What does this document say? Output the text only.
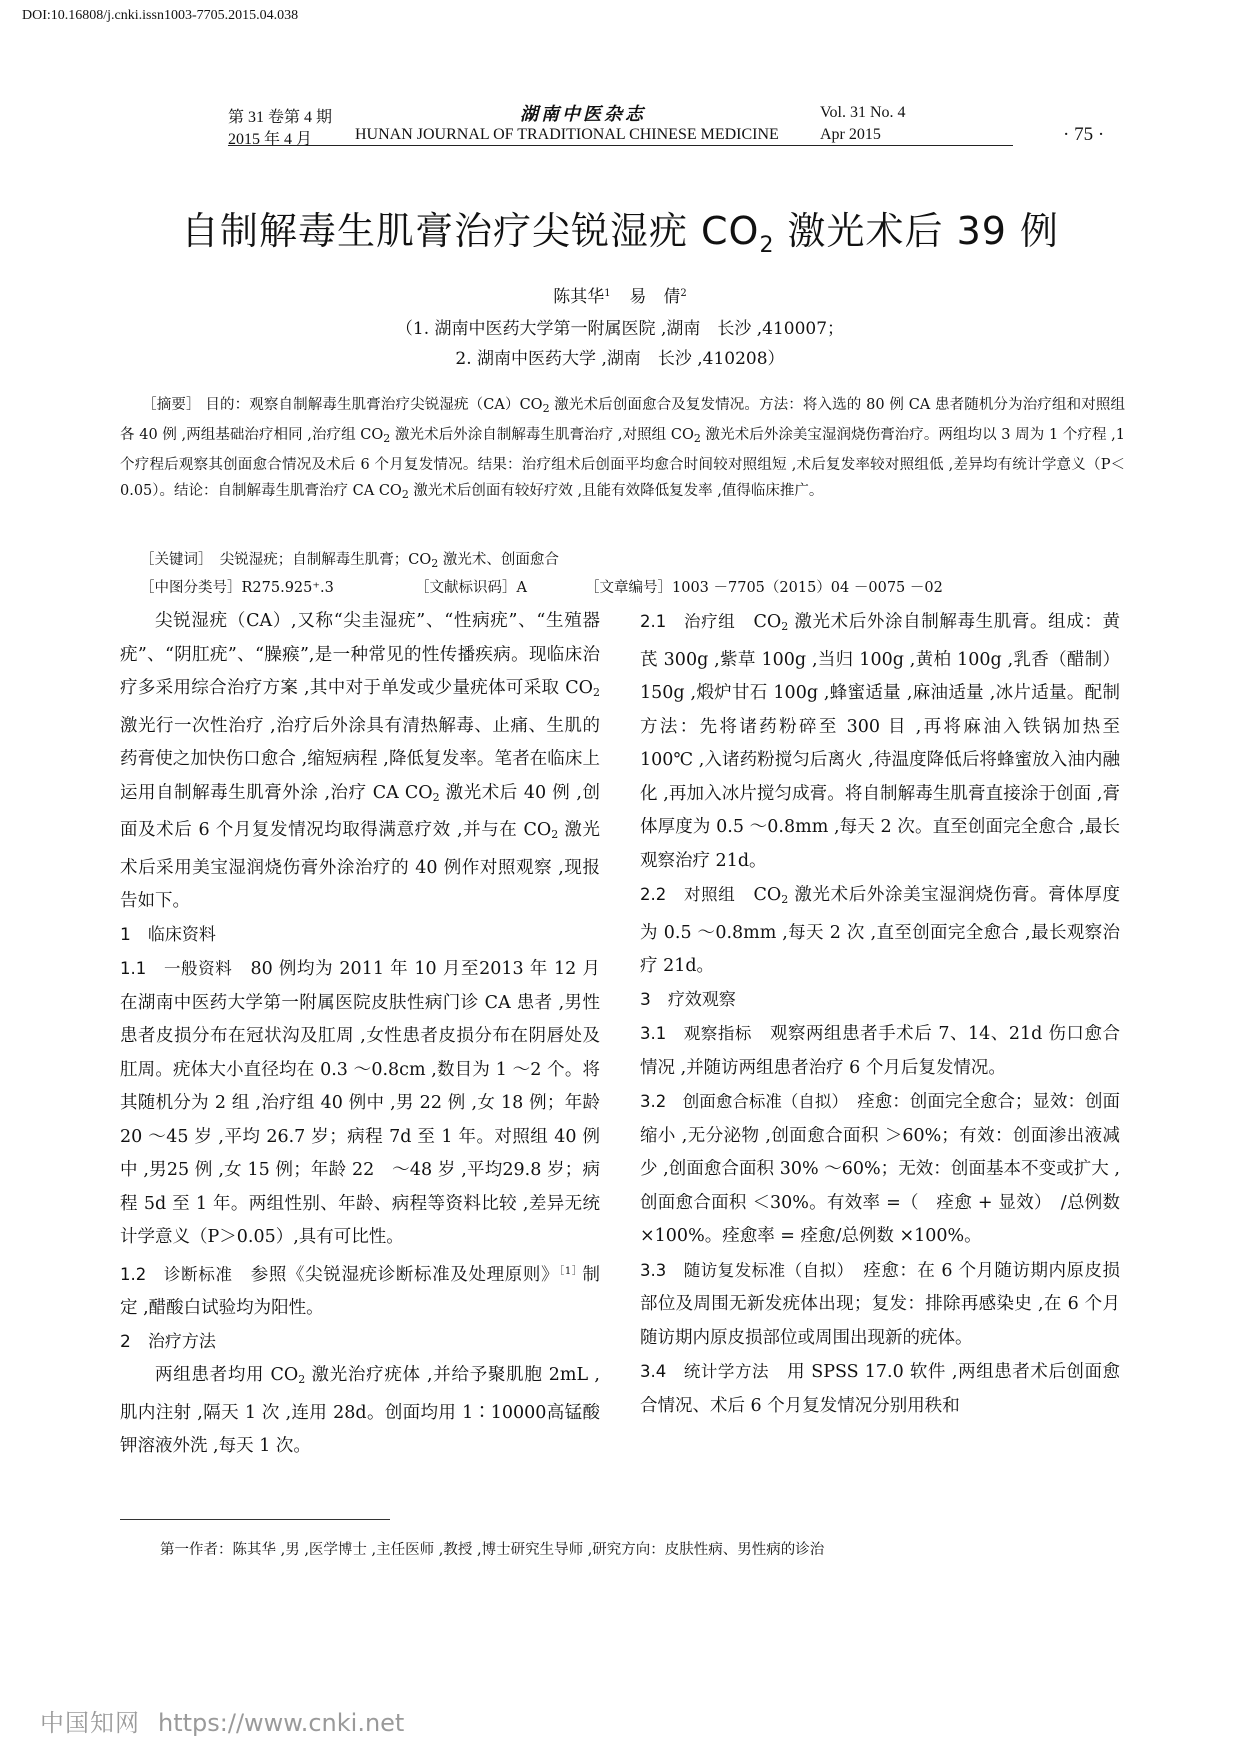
DOI:10.16808/j.cnki.issn1003-7705.2015.04.038
第 31 卷第 4 期	湖南中医杂志	Vol. 31 No. 4
2015 年 4 月	HUNAN JOURNAL OF TRADITIONAL CHINESE MEDICINE	Apr 2015	· 75 ·
自制解毒生肌膏治疗尖锐湿疣 $CO_2$ 激光术后 39 例
陈其华$^1$ 易　倩$^2$
（1. 湖南中医药大学第一附属医院 ,湖南　长沙 ,410007；
2. 湖南中医药大学 ,湖南　长沙 ,410208）
［摘要］ 目的：观察自制解毒生肌膏治疗尖锐湿疣$(CA)CO_2$ 激光术后创面愈合及复发情况。方法：将入选的 80 例 CA 患者随机分为治疗组和对照组各 40 例 ,两组基础治疗相同 ,治疗组 $CO_2$ 激光术后外涂自制解毒生肌膏治疗 ,对照组 $CO_2$ 激光术后外涂美宝湿润烧伤膏治疗。两组均以 3 周为 1 个疗程 ,1 个疗程后观察其创面愈合情况及术后 6 个月复发情况。结果：治疗组术后创面平均愈合时间较对照组短 ,术后复发率较对照组低 ,差异均有统计学意义（P＜0.05）。结论：自制解毒生肌膏治疗 CA $CO_2$ 激光术后创面有较好疗效 ,且能有效降低复发率 ,值得临床推广。
［关键词］　尖锐湿疣；自制解毒生肌膏；$CO_2$ 激光术、创面愈合
［中图分类号］R275.925⁺.3	［文献标识码］A	［文章编号］1003 －7705（2015）04 －0075 －02

尖锐湿疣（CA）,又称“尖圭湿疣”、“性病疣”、“生殖器疣”、“阴肛疣”、“臊瘊”,是一种常见的性传播疾病。现临床治疗多采用综合治疗方案 ,其中对于单发或少量疣体可采取 $CO_2$ 激光行一次性治疗 ,治疗后外涂具有清热解毒、止痛、生肌的药膏使之加快伤口愈合 ,缩短病程 ,降低复发率。笔者在临床上运用自制解毒生肌膏外涂 ,治疗 CA $CO_2$ 激光术后 40 例 ,创面及术后 6 个月复发情况均取得满意疗效 ,并与在 $CO_2$ 激光术后采用美宝湿润烧伤膏外涂治疗的 40 例作对照观察 ,现报告如下。

1　临床资料

1.1　一般资料　80 例均为 2011 年 10 月至2013 年 12 月在湖南中医药大学第一附属医院皮肤性病门诊 CA 患者 ,男性患者皮损分布在冠状沟及肛周 ,女性患者皮损分布在阴唇处及肛周。疣体大小直径均在 0.3 ～0.8cm ,数目为 1 ～2 个。将其随机分为 2 组 ,治疗组 40 例中 ,男 22 例 ,女 18 例；年龄20 ～45 岁 ,平均 26.7 岁；病程 7d 至 1 年。对照组 40 例中 ,男25 例 ,女 15 例；年龄 22　～48 岁 ,平均29.8 岁；病程 5d 至 1 年。两组性别、年龄、病程等资料比较 ,差异无统计学意义（P＞0.05）,具有可比性。

1.2　诊断标准　参照《尖锐湿疣诊断标准及处理原则》$^{[1]}$制定 ,醋酸白试验均为阳性。

2　治疗方法

两组患者均用 $CO_2$ 激光治疗疣体 ,并给予聚肌胞 2mL ,肌内注射 ,隔天 1 次 ,连用 28d。创面均用 1∶10000高锰酸钾溶液外洗 ,每天 1 次。

2.1　治疗组　$CO_2$ 激光术后外涂自制解毒生肌膏。组成：黄芪 300g ,紫草 100g ,当归 100g ,黄柏 100g ,乳香（醋制）150g ,煅炉甘石 100g ,蜂蜜适量 ,麻油适量 ,冰片适量。配制方法：先将诸药粉碎至 300 目 ,再将麻油入铁锅加热至 100℃ ,入诸药粉搅匀后离火 ,待温度降低后将蜂蜜放入油内融化 ,再加入冰片搅匀成膏。将自制解毒生肌膏直接涂于创面 ,膏体厚度为 0.5 ～0.8mm ,每天 2 次。直至创面完全愈合 ,最长观察治疗 21d。

2.2　对照组　$CO_2$ 激光术后外涂美宝湿润烧伤膏。膏体厚度为 0.5 ～0.8mm ,每天 2 次 ,直至创面完全愈合 ,最长观察治疗 21d。

3　疗效观察

3.1　观察指标　观察两组患者手术后 7、14、21d 伤口愈合情况 ,并随访两组患者治疗 6 个月后复发情况。

3.2　创面愈合标准（自拟）　痊愈：创面完全愈合；显效：创面缩小 ,无分泌物 ,创面愈合面积 ＞60%；有效：创面渗出液减少 ,创面愈合面积 30% ～60%；无效：创面基本不变或扩大 ,创面愈合面积 ＜30%。有效率 =（　痊愈 + 显效）　/总例数 ×100%。痊愈率 = 痊愈/总例数 ×100%。

3.3　随访复发标准（自拟）　痊愈：在 6 个月随访期内原皮损部位及周围无新发疣体出现；复发：排除再感染史 ,在 6 个月随访期内原皮损部位或周围出现新的疣体。

3.4　统计学方法　用 SPSS 17.0 软件 ,两组患者术后创面愈合情况、术后 6 个月复发情况分别用秩和

第一作者：陈其华 ,男 ,医学博士 ,主任医师 ,教授 ,博士研究生导师 ,研究方向：皮肤性病、男性病的诊治
中国知网 https://www.cnki.net
